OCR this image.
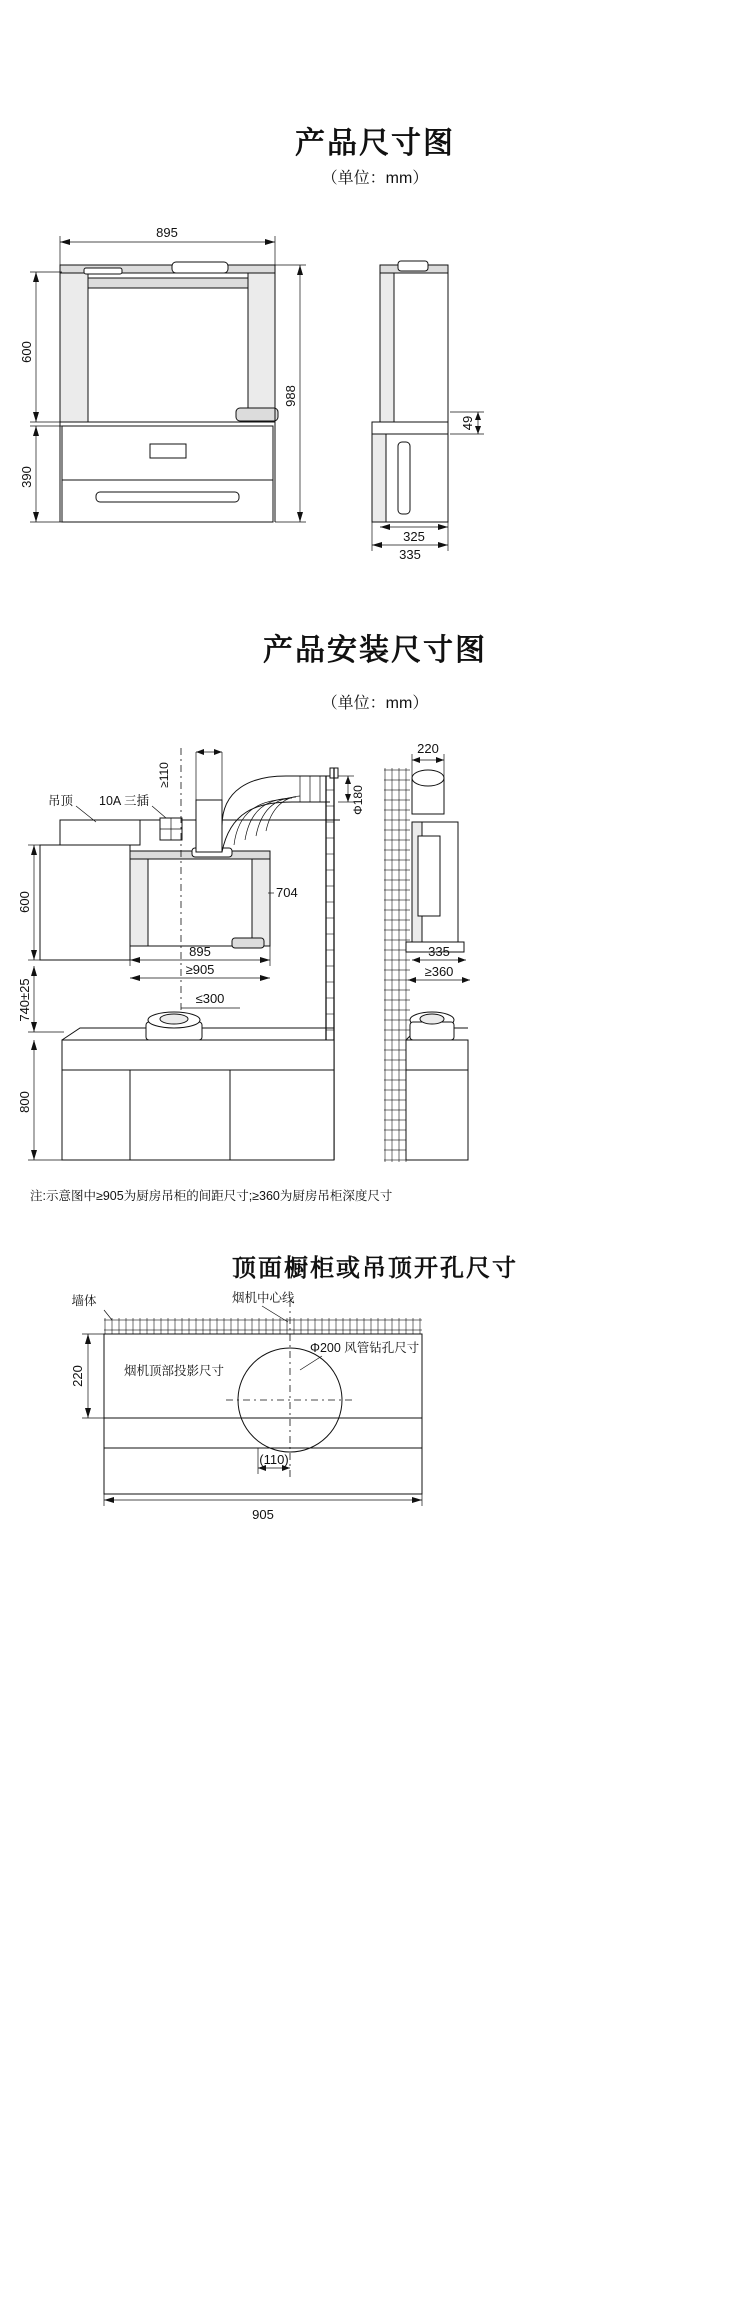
产品尺寸图
（单位：mm）
895
600
390
988
49
325
335
≥110
Φ180
吊顶 10A 三插
600	704
895
≥905
740±25	≤300
800
220
335
≥360
墙体	烟机中心线
Φ200 风管钻孔尺寸
烟机顶部投影尺寸
220
(110)
905
产品安装尺寸图
（单位：mm）
注:示意图中≥905为厨房吊柜的间距尺寸;≥360为厨房吊柜深度尺寸
顶面橱柜或吊顶开孔尺寸
